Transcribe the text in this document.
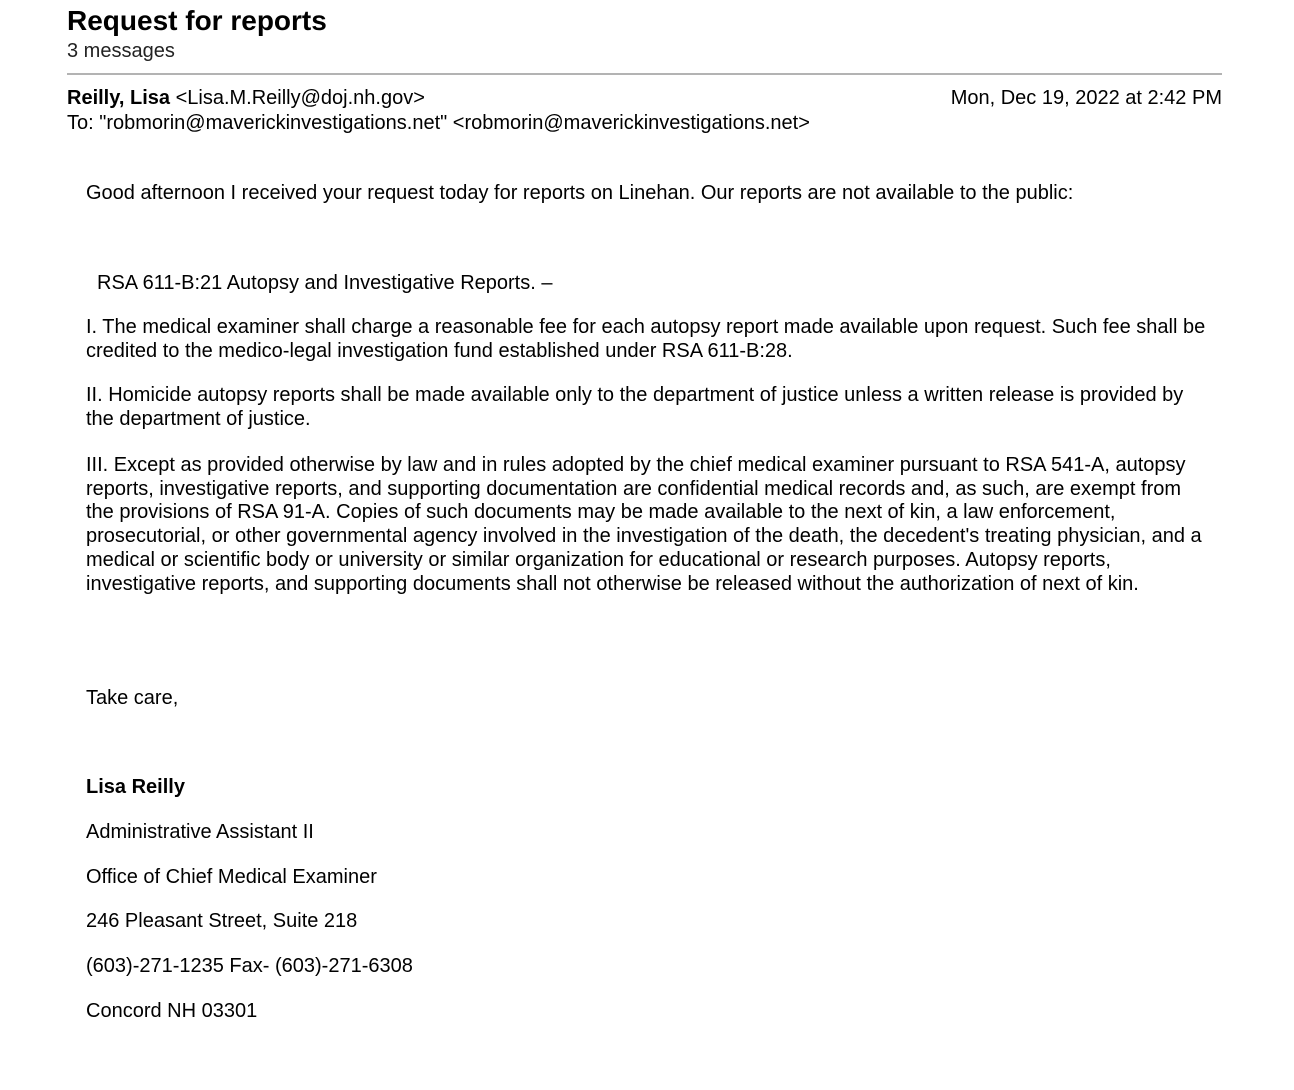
Request for reports
3 messages
Reilly, Lisa <Lisa.M.Reilly@doj.nh.gov>	Mon, Dec 19, 2022 at 2:42 PM
To: "robmorin@maverickinvestigations.net" <robmorin@maverickinvestigations.net>
Good afternoon I received your request today for reports on Linehan. Our reports are not available to the public:
RSA 611-B:21 Autopsy and Investigative Reports. –

I. The medical examiner shall charge a reasonable fee for each autopsy report made available upon request. Such fee shall be credited to the medico-legal investigation fund established under RSA 611-B:28.

II. Homicide autopsy reports shall be made available only to the department of justice unless a written release is provided by the department of justice.

III. Except as provided otherwise by law and in rules adopted by the chief medical examiner pursuant to RSA 541-A, autopsy reports, investigative reports, and supporting documentation are confidential medical records and, as such, are exempt from the provisions of RSA 91-A. Copies of such documents may be made available to the next of kin, a law enforcement, prosecutorial, or other governmental agency involved in the investigation of the death, the decedent's treating physician, and a medical or scientific body or university or similar organization for educational or research purposes. Autopsy reports, investigative reports, and supporting documents shall not otherwise be released without the authorization of next of kin.

Take care,
Lisa Reilly
Administrative Assistant II
Office of Chief Medical Examiner
246 Pleasant Street, Suite 218
(603)-271-1235 Fax- (603)-271-6308
Concord NH 03301
